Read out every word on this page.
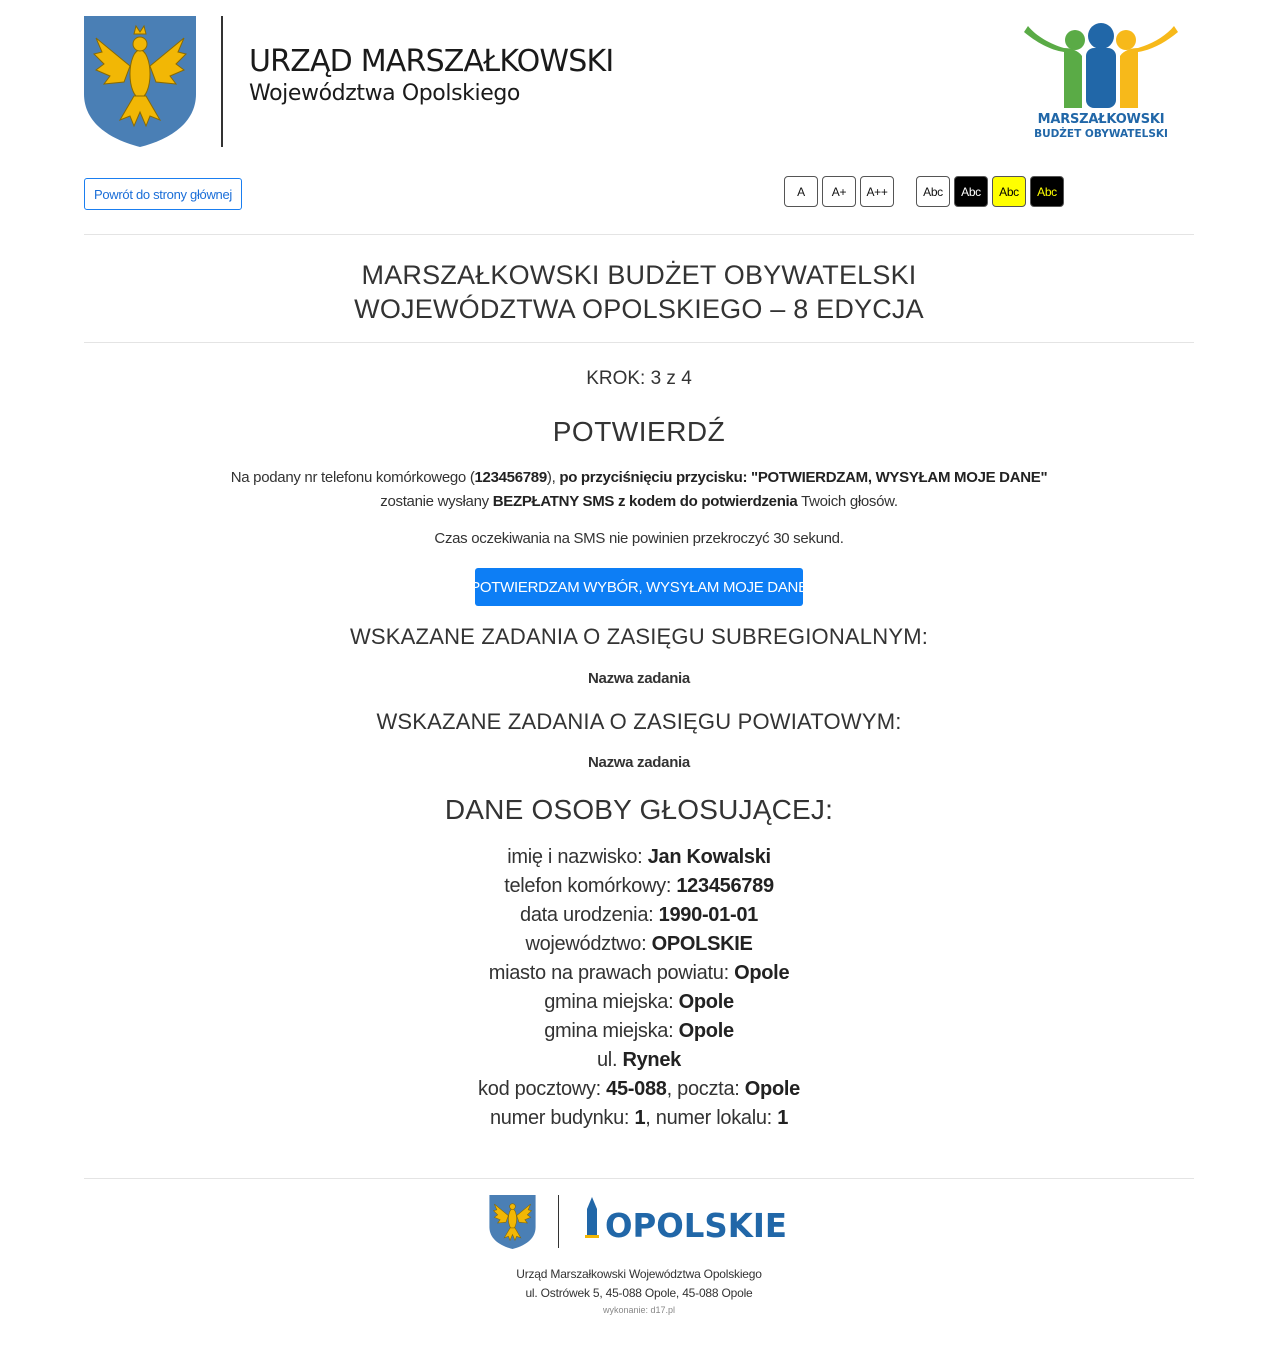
URZĄD MARSZAŁKOWSKI
Województwa Opolskiego
MARSZAŁKOWSKI
BUDŻET OBYWATELSKI
Powrót do strony głównej	A	A+	A++	Abc	Abc	Abc	Abc
MARSZAŁKOWSKI BUDŻET OBYWATELSKI
WOJEWÓDZTWA OPOLSKIEGO – 8 EDYCJA
KROK: 3 z 4
POTWIERDŹ
Na podany nr telefonu komórkowego (123456789), po przyciśnięciu przycisku: "POTWIERDZAM, WYSYŁAM MOJE DANE"
zostanie wysłany BEZPŁATNY SMS z kodem do potwierdzenia Twoich głosów.
Czas oczekiwania na SMS nie powinien przekroczyć 30 sekund.
POTWIERDZAM WYBÓR, WYSYŁAM MOJE DANE
WSKAZANE ZADANIA O ZASIĘGU SUBREGIONALNYM:
Nazwa zadania
WSKAZANE ZADANIA O ZASIĘGU POWIATOWYM:
Nazwa zadania
DANE OSOBY GŁOSUJĄCEJ:
imię i nazwisko: Jan Kowalski
telefon komórkowy: 123456789
data urodzenia: 1990-01-01
województwo: OPOLSKIE
miasto na prawach powiatu: Opole
gmina miejska: Opole
gmina miejska: Opole
ul. Rynek
kod pocztowy: 45-088, poczta: Opole
numer budynku: 1, numer lokalu: 1
OPOLSKIE
Urząd Marszałkowski Województwa Opolskiego
ul. Ostrówek 5, 45-088 Opole, 45-088 Opole
wykonanie: d17.pl
